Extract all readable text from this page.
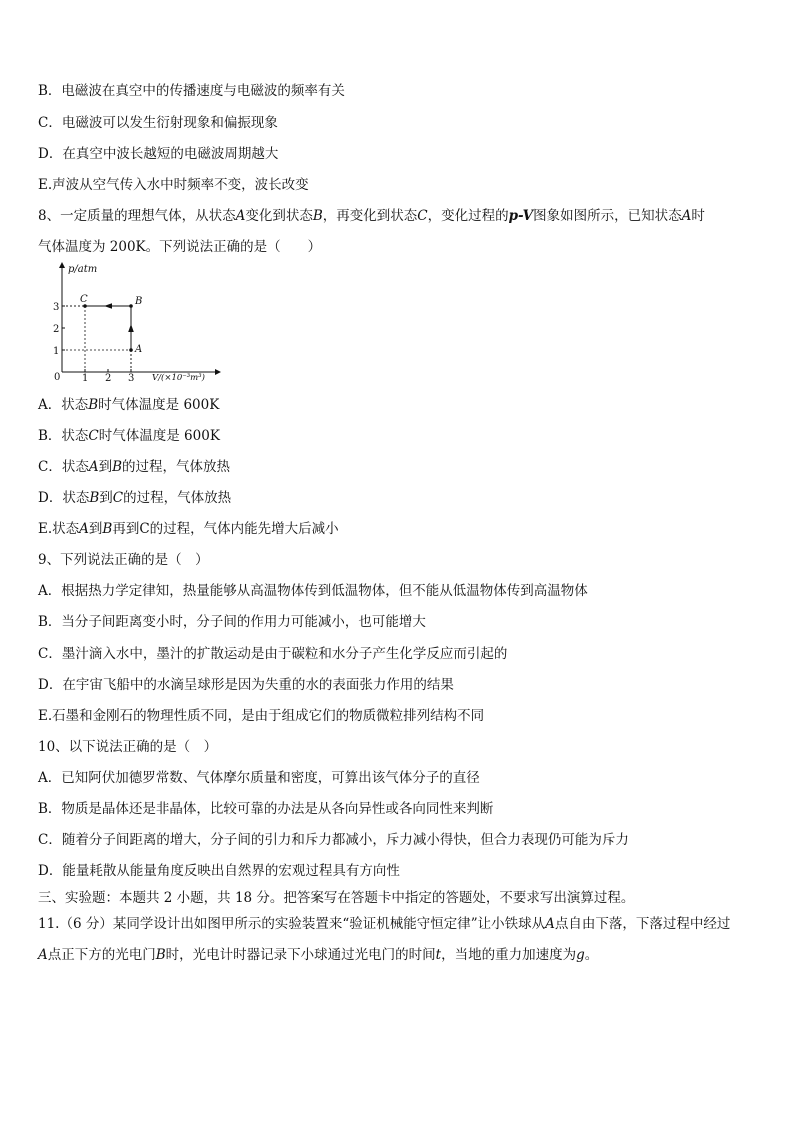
B．电磁波在真空中的传播速度与电磁波的频率有关
C．电磁波可以发生衍射现象和偏振现象
D．在真空中波长越短的电磁波周期越大
E.声波从空气传入水中时频率不变，波长改变
8、一定质量的理想气体，从状态A变化到状态B，再变化到状态C，变化过程的p-V图象如图所示，已知状态A时
气体温度为 200K。下列说法正确的是（　　）
1 2 3
1
2
3
A
B
C
p/atm
V/(×10⁻³m³)
0
A．状态B时气体温度是 600K
B．状态C时气体温度是 600K
C．状态A到B的过程，气体放热
D．状态B到C的过程，气体放热
E.状态A到B再到C的过程，气体内能先增大后减小
9、下列说法正确的是（　）
A．根据热力学定律知，热量能够从高温物体传到低温物体，但不能从低温物体传到高温物体
B．当分子间距离变小时，分子间的作用力可能减小，也可能增大
C．墨汁滴入水中，墨汁的扩散运动是由于碳粒和水分子产生化学反应而引起的
D．在宇宙飞船中的水滴呈球形是因为失重的水的表面张力作用的结果
E.石墨和金刚石的物理性质不同，是由于组成它们的物质微粒排列结构不同
10、以下说法正确的是（　）
A．已知阿伏加德罗常数、气体摩尔质量和密度，可算出该气体分子的直径
B．物质是晶体还是非晶体，比较可靠的办法是从各向异性或各向同性来判断
C．随着分子间距离的增大，分子间的引力和斥力都减小，斥力减小得快，但合力表现仍可能为斥力
D．能量耗散从能量角度反映出自然界的宏观过程具有方向性
三、实验题：本题共 2 小题，共 18 分。把答案写在答题卡中指定的答题处，不要求写出演算过程。
11.（6 分）某同学设计出如图甲所示的实验装置来“验证机械能守恒定律”让小铁球从A点自由下落，下落过程中经过
A点正下方的光电门B时，光电计时器记录下小球通过光电门的时间t，当地的重力加速度为g。
